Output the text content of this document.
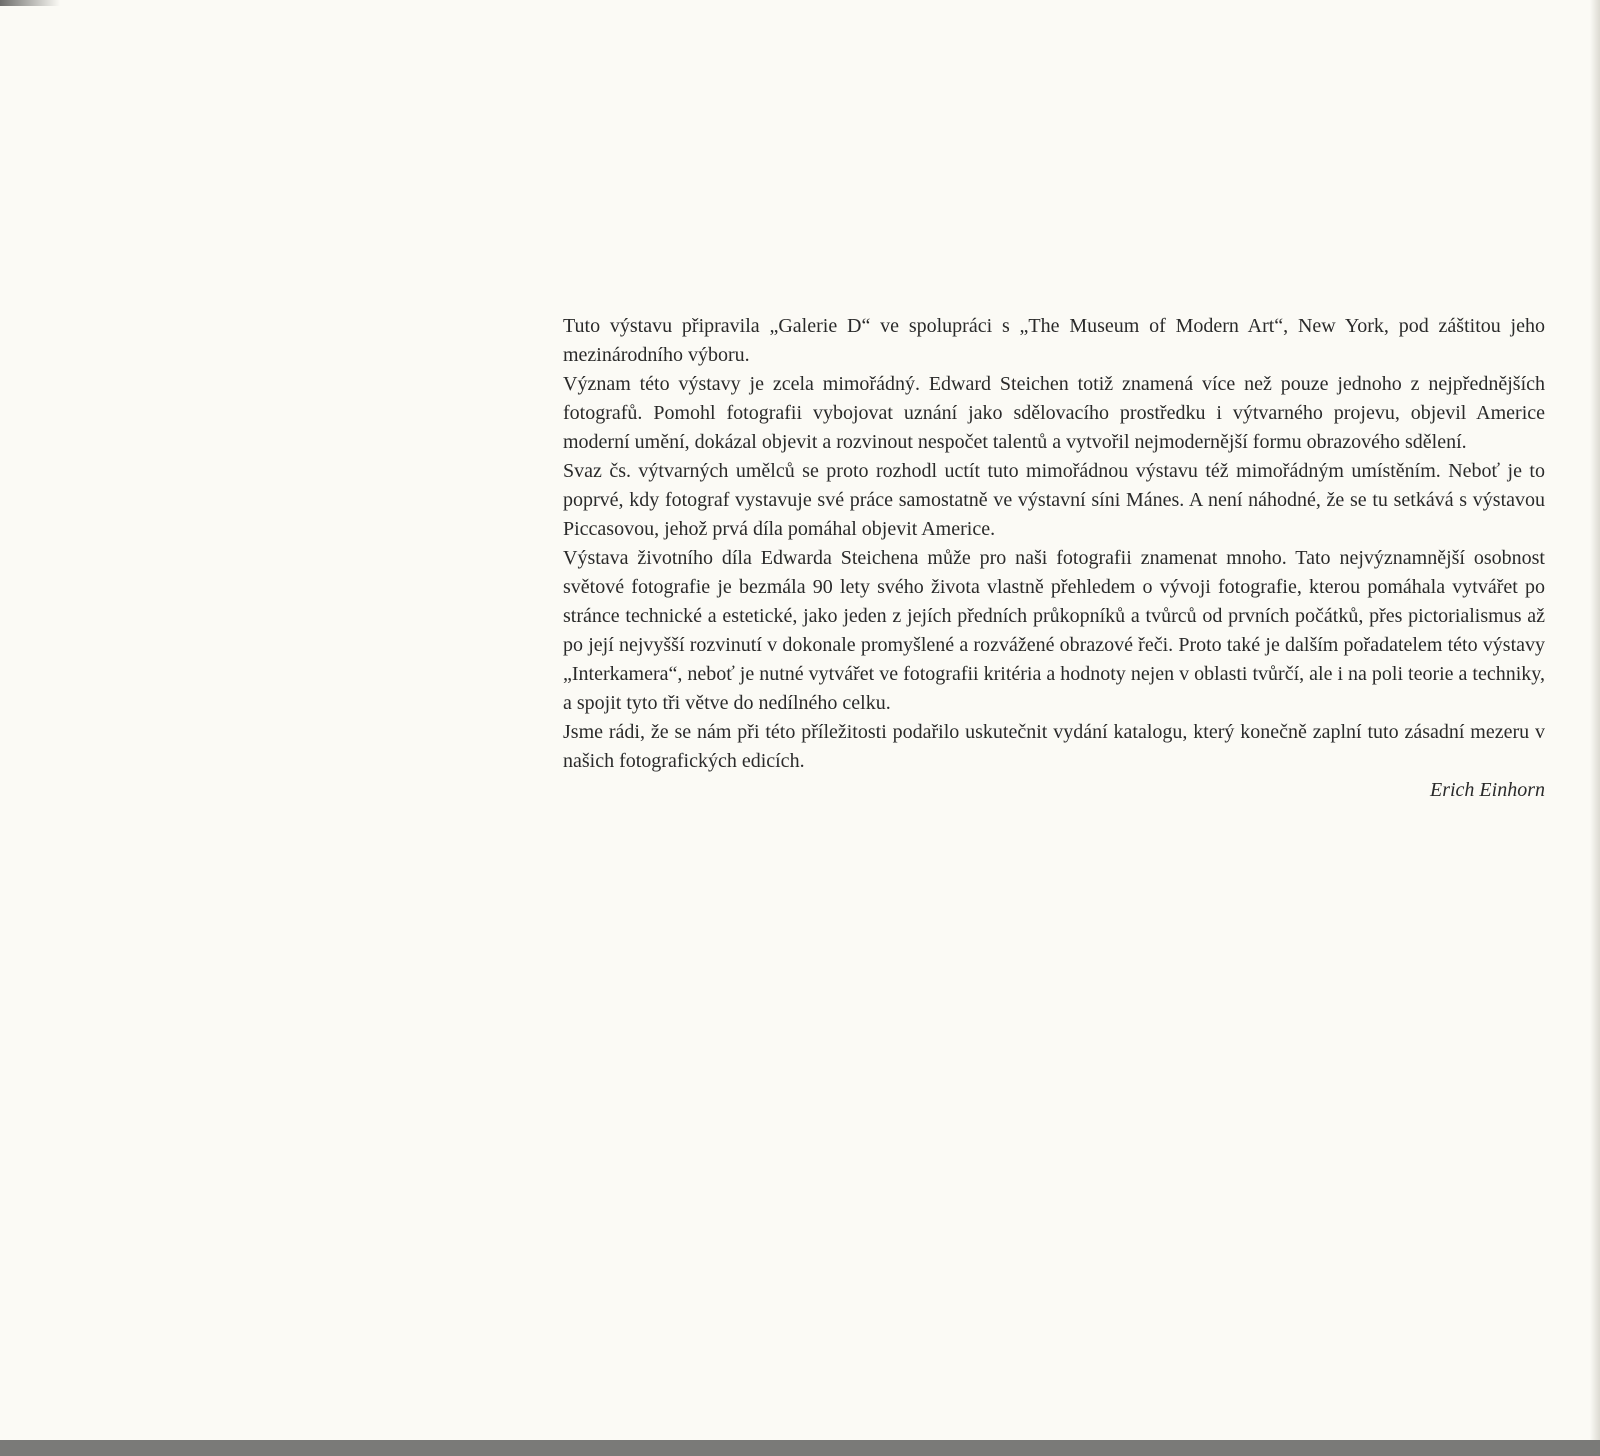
Tuto výstavu připravila „Galerie D“ ve spolupráci s „The Museum of Modern Art“, New York, pod záštitou jeho mezinárodního výboru.

Význam této výstavy je zcela mimořádný. Edward Steichen totiž znamená více než pouze jednoho z nejpřednějších fotografů. Pomohl fotografii vybojovat uznání jako sdělovacího prostředku i výtvarného projevu, objevil Americe moderní umění, dokázal objevit a rozvinout nespočet talentů a vytvořil nejmodernější formu obrazového sdělení.

Svaz čs. výtvarných umělců se proto rozhodl uctít tuto mimořádnou výstavu též mimořádným umístěním. Neboť je to poprvé, kdy fotograf vystavuje své práce samostatně ve výstavní síni Mánes. A není náhodné, že se tu setkává s výstavou Piccasovou, jehož prvá díla pomáhal objevit Americe.

Výstava životního díla Edwarda Steichena může pro naši fotografii znamenat mnoho. Tato nejvýznamnější osobnost světové fotografie je bezmála 90 lety svého života vlastně přehledem o vývoji fotografie, kterou pomáhala vytvářet po stránce technické a estetické, jako jeden z jejích předních průkopníků a tvůrců od prvních počátků, přes pictorialismus až po její nejvyšší rozvinutí v dokonale promyšlené a rozvážené obrazové řeči. Proto také je dalším pořadatelem této výstavy „Interkamera“, neboť je nutné vytvářet ve fotografii kritéria a hodnoty nejen v oblasti tvůrčí, ale i na poli teorie a techniky, a spojit tyto tři větve do nedílného celku.

Jsme rádi, že se nám při této příležitosti podařilo uskutečnit vydání katalogu, který konečně zaplní tuto zásadní mezeru v našich fotografických edicích.

Erich Einhorn
